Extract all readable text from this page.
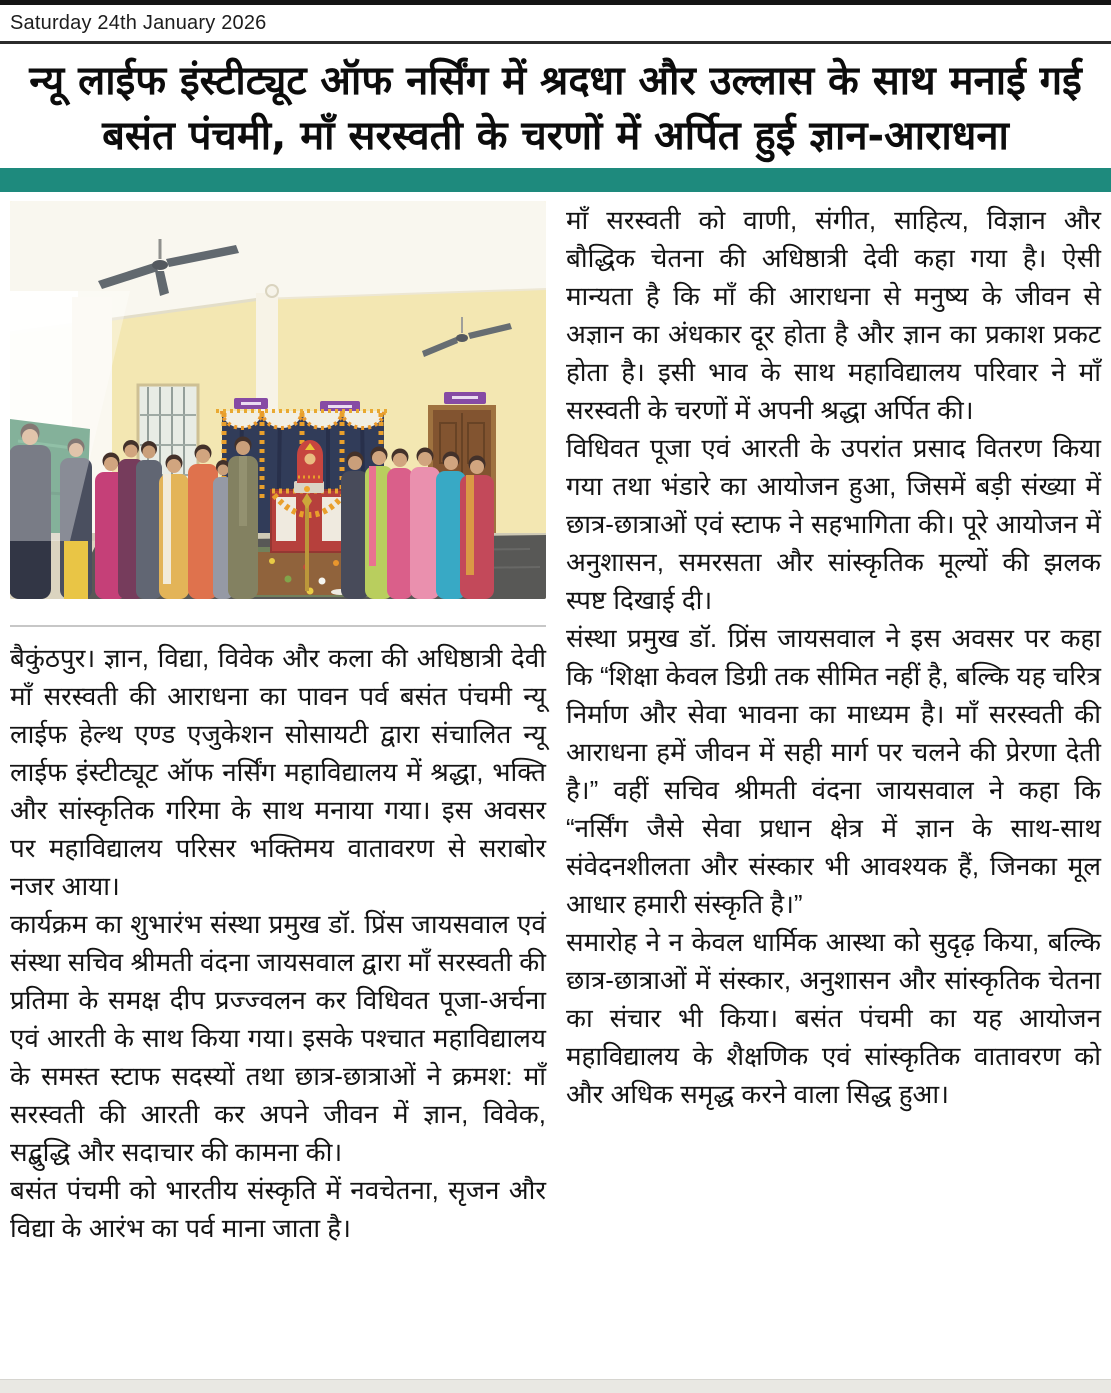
Saturday 24th January 2026
न्यू लाईफ इंस्टीट्यूट ऑफ नर्सिंग में श्रदधा और उल्लास के साथ मनाई गई बसंत पंचमी, माँ सरस्वती के चरणों में अर्पित हुई ज्ञान-आराधना

बैकुंठपुर। ज्ञान, विद्या, विवेक और कला की अधिष्ठात्री देवी माँ सरस्वती की आराधना का पावन पर्व बसंत पंचमी न्यू लाईफ हेल्थ एण्ड एजुकेशन सोसायटी द्वारा संचालित न्यू लाईफ इंस्टीट्यूट ऑफ नर्सिंग महाविद्यालय में श्रद्धा, भक्ति और सांस्कृतिक गरिमा के साथ मनाया गया। इस अवसर पर महाविद्यालय परिसर भक्तिमय वातावरण से सराबोर नजर आया।

कार्यक्रम का शुभारंभ संस्था प्रमुख डॉ. प्रिंस जायसवाल एवं संस्था सचिव श्रीमती वंदना जायसवाल द्वारा माँ सरस्वती की प्रतिमा के समक्ष दीप प्रज्ज्वलन कर विधिवत पूजा-अर्चना एवं आरती के साथ किया गया। इसके पश्चात महाविद्यालय के समस्त स्टाफ सदस्यों तथा छात्र-छात्राओं ने क्रमश: माँ सरस्वती की आरती कर अपने जीवन में ज्ञान, विवेक, सद्बुद्धि और सदाचार की कामना की।

बसंत पंचमी को भारतीय संस्कृति में नवचेतना, सृजन और विद्या के आरंभ का पर्व माना जाता है।

माँ सरस्वती को वाणी, संगीत, साहित्य, विज्ञान और बौद्धिक चेतना की अधिष्ठात्री देवी कहा गया है। ऐसी मान्यता है कि माँ की आराधना से मनुष्य के जीवन से अज्ञान का अंधकार दूर होता है और ज्ञान का प्रकाश प्रकट होता है। इसी भाव के साथ महाविद्यालय परिवार ने माँ सरस्वती के चरणों में अपनी श्रद्धा अर्पित की।

विधिवत पूजा एवं आरती के उपरांत प्रसाद वितरण किया गया तथा भंडारे का आयोजन हुआ, जिसमें बड़ी संख्या में छात्र-छात्राओं एवं स्टाफ ने सहभागिता की। पूरे आयोजन में अनुशासन, समरसता और सांस्कृतिक मूल्यों की झलक स्पष्ट दिखाई दी।

संस्था प्रमुख डॉ. प्रिंस जायसवाल ने इस अवसर पर कहा कि “शिक्षा केवल डिग्री तक सीमित नहीं है, बल्कि यह चरित्र निर्माण और सेवा भावना का माध्यम है। माँ सरस्वती की आराधना हमें जीवन में सही मार्ग पर चलने की प्रेरणा देती है।” वहीं सचिव श्रीमती वंदना जायसवाल ने कहा कि “नर्सिंग जैसे सेवा प्रधान क्षेत्र में ज्ञान के साथ-साथ संवेदनशीलता और संस्कार भी आवश्यक हैं, जिनका मूल आधार हमारी संस्कृति है।”

समारोह ने न केवल धार्मिक आस्था को सुदृढ़ किया, बल्कि छात्र-छात्राओं में संस्कार, अनुशासन और सांस्कृतिक चेतना का संचार भी किया। बसंत पंचमी का यह आयोजन महाविद्यालय के शैक्षणिक एवं सांस्कृतिक वातावरण को और अधिक समृद्ध करने वाला सिद्ध हुआ।
